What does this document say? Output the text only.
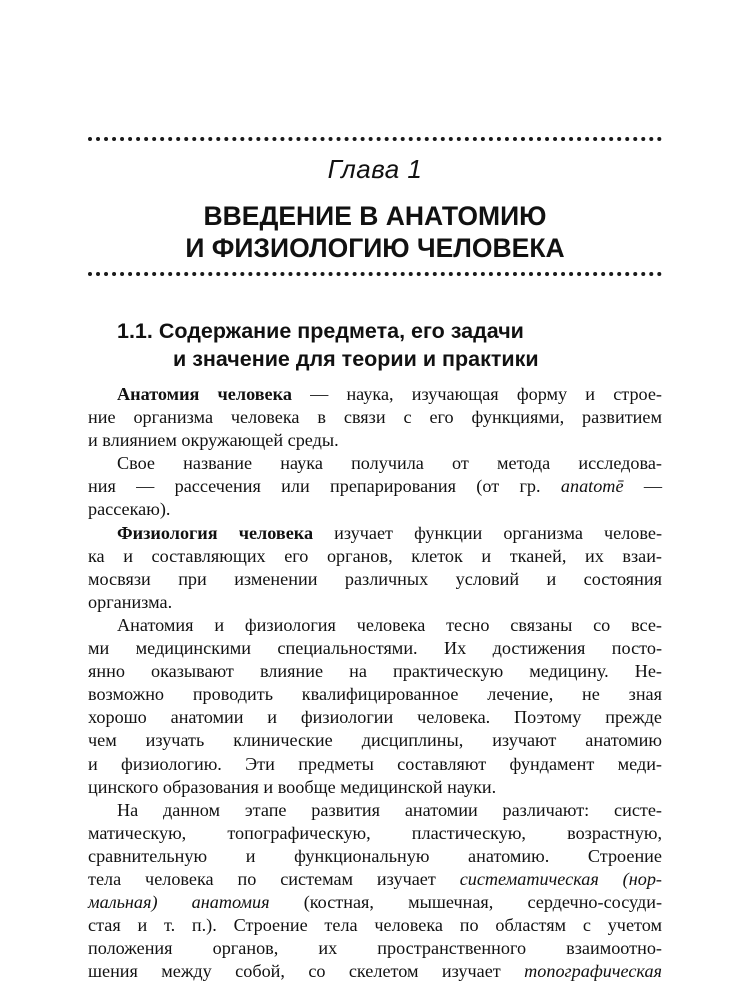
Глава 1
ВВЕДЕНИЕ В АНАТОМИЮ
И ФИЗИОЛОГИЮ ЧЕЛОВЕКА
1.1. Содержание предмета, его задачи
и значение для теории и практики

Анатомия человека — наука, изучающая форму и строе-
ние организма человека в связи с его функциями, развитием
и влиянием окружающей среды.

Свое название наука получила от метода исследова-
ния — рассечения или препарирования (от гр. anatomē —
рассекаю).

Физиология человека изучает функции организма челове-
ка и составляющих его органов, клеток и тканей, их взаи-
мосвязи при изменении различных условий и состояния
организма.

Анатомия и физиология человека тесно связаны со все-
ми медицинскими специальностями. Их достижения посто-
янно оказывают влияние на практическую медицину. Не-
возможно проводить квалифицированное лечение, не зная
хорошо анатомии и физиологии человека. Поэтому прежде
чем изучать клинические дисциплины, изучают анатомию
и физиологию. Эти предметы составляют фундамент меди-
цинского образования и вообще медицинской науки.

На данном этапе развития анатомии различают: систе-
матическую, топографическую, пластическую, возрастную,
сравнительную и функциональную анатомию. Строение
тела человека по системам изучает систематическая (нор-
мальная) анатомия (костная, мышечная, сердечно-сосуди-
стая и т. п.). Строение тела человека по областям с учетом
положения органов, их пространственного взаимоотно-
шения между собой, со скелетом изучает топографическая
